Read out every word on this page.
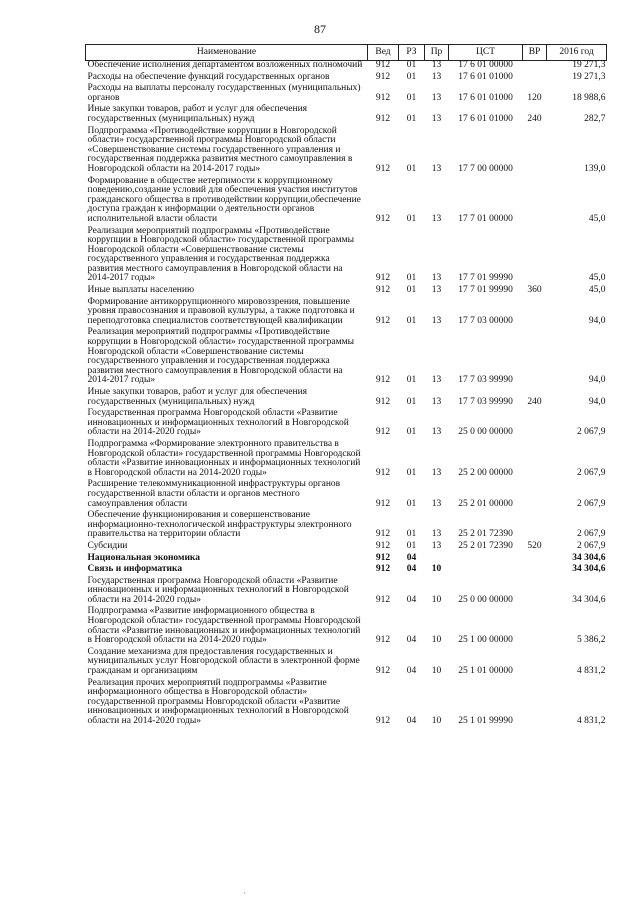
87
Наименование	Вед	РЗ	Пр	ЦСТ	ВР	2016 год
Обеспечение исполнения департаментом возложенных полномочий	912	01	13	17 6 01 00000		19 271,3
Расходы на обеспечение функций государственных органов	912	01	13	17 6 01 01000		19 271,3
Расходы на выплаты персоналу государственных (муниципальных) органов	912	01	13	17 6 01 01000	120	18 988,6
Иные закупки товаров, работ и услуг для обеспечения государственных (муниципальных) нужд	912	01	13	17 6 01 01000	240	282,7
Подпрограмма «Противодействие коррупции в Новгородской области» государственной программы Новгородской области «Совершенствование системы государственного управления и государственная поддержка развития местного самоуправления в Новгородской области на 2014-2017 годы»	912	01	13	17 7 00 00000		139,0
Формирование в обществе нетерпимости к коррупционному поведению,создание условий для обеспечения участия институтов гражданского общества в противодействии коррупции,обеспечение доступа граждан к информации о деятельности органов исполнительной власти области	912	01	13	17 7 01 00000		45,0
Реализация мероприятий подпрограммы «Противодействие коррупции в Новгородской области» государственной программы Новгородской области «Совершенствование системы государственного управления и государственная поддержка развития местного самоуправления в Новгородской области на 2014-2017 годы»	912	01	13	17 7 01 99990		45,0
Иные выплаты населению	912	01	13	17 7 01 99990	360	45,0
Формирование антикоррупционного мировоззрения, повышение уровня правосознания и правовой культуры, а также подготовка и переподготовка специалистов соответствующей квалификации	912	01	13	17 7 03 00000		94,0
Реализация мероприятий подпрограммы «Противодействие коррупции в Новгородской области» государственной программы Новгородской области «Совершенствование системы государственного управления и государственная поддержка развития местного самоуправления в Новгородской области на 2014-2017 годы»	912	01	13	17 7 03 99990		94,0
Иные закупки товаров, работ и услуг для обеспечения государственных (муниципальных) нужд	912	01	13	17 7 03 99990	240	94,0
Государственная программа Новгородской области «Развитие инновационных и информационных технологий в Новгородской области на 2014-2020 годы»	912	01	13	25 0 00 00000		2 067,9
Подпрограмма «Формирование электронного правительства в Новгородской области» государственной программы Новгородской области «Развитие инновационных и информационных технологий в Новгородской области на 2014-2020 годы»	912	01	13	25 2 00 00000		2 067,9
Расширение телекоммуникационной инфраструктуры органов государственной власти области и органов местного самоуправления области	912	01	13	25 2 01 00000		2 067,9
Обеспечение функционирования и совершенствование информационно-технологической инфраструктуры электронного правительства на территории области	912	01	13	25 2 01 72390		2 067,9
Субсидии	912	01	13	25 2 01 72390	520	2 067,9
Национальная экономика	912	04				34 304,6
Связь и информатика	912	04	10			34 304,6
Государственная программа Новгородской области «Развитие инновационных и информационных технологий в Новгородской области на 2014-2020 годы»	912	04	10	25 0 00 00000		34 304,6
Подпрограмма «Развитие информационного общества в Новгородской области» государственной программы Новгородской области «Развитие инновационных и информационных технологий в Новгородской области на 2014-2020 годы»	912	04	10	25 1 00 00000		5 386,2
Создание механизма для предоставления государственных и муниципальных услуг Новгородской области в электронной форме гражданам и организациям	912	04	10	25 1 01 00000		4 831,2
Реализация прочих мероприятий подпрограммы «Развитие информационного общества в Новгородской области» государственной программы Новгородской области «Развитие инновационных и информационных технологий в Новгородской области на 2014-2020 годы»	912	04	10	25 1 01 99990		4 831,2
·
